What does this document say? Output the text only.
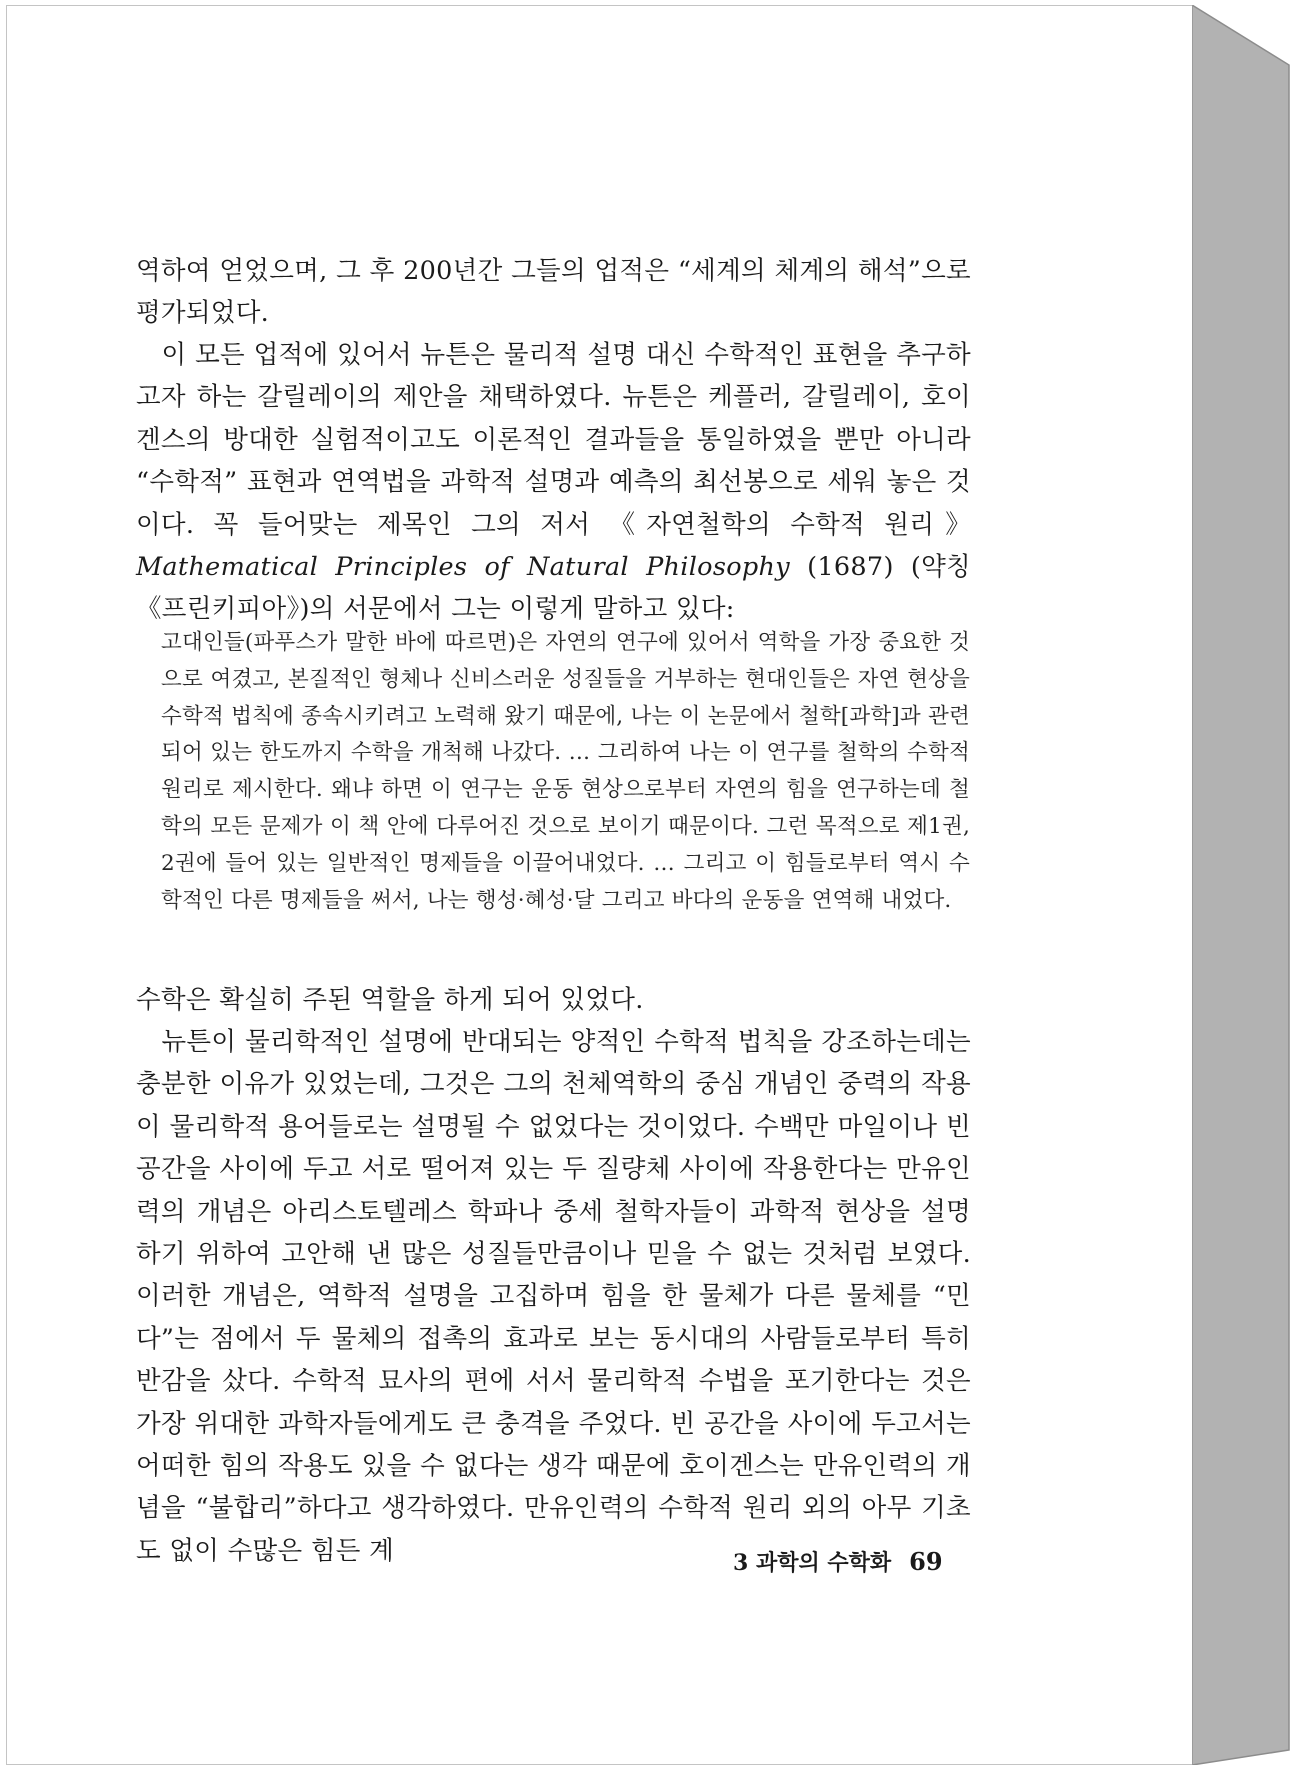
역하여 얻었으며, 그 후 200년간 그들의 업적은 “세계의 체계의 해석”으로 평가되었다.

이 모든 업적에 있어서 뉴튼은 물리적 설명 대신 수학적인 표현을 추구하고자 하는 갈릴레이의 제안을 채택하였다. 뉴튼은 케플러, 갈릴레이, 호이겐스의 방대한 실험적이고도 이론적인 결과들을 통일하였을 뿐만 아니라 “수학적” 표현과 연역법을 과학적 설명과 예측의 최선봉으로 세워 놓은 것이다. 꼭 들어맞는 제목인 그의 저서 《자연철학의 수학적 원리》Mathematical Principles of Natural Philosophy (1687) (약칭 《프린키피아》)의 서문에서 그는 이렇게 말하고 있다:

고대인들(파푸스가 말한 바에 따르면)은 자연의 연구에 있어서 역학을 가장 중요한 것으로 여겼고, 본질적인 형체나 신비스러운 성질들을 거부하는 현대인들은 자연 현상을 수학적 법칙에 종속시키려고 노력해 왔기 때문에, 나는 이 논문에서 철학[과학]과 관련되어 있는 한도까지 수학을 개척해 나갔다. … 그리하여 나는 이 연구를 철학의 수학적 원리로 제시한다. 왜냐 하면 이 연구는 운동 현상으로부터 자연의 힘을 연구하는데 철학의 모든 문제가 이 책 안에 다루어진 것으로 보이기 때문이다. 그런 목적으로 제1권, 2권에 들어 있는 일반적인 명제들을 이끌어내었다. … 그리고 이 힘들로부터 역시 수학적인 다른 명제들을 써서, 나는 행성·혜성·달 그리고 바다의 운동을 연역해 내었다.

수학은 확실히 주된 역할을 하게 되어 있었다.

뉴튼이 물리학적인 설명에 반대되는 양적인 수학적 법칙을 강조하는데는 충분한 이유가 있었는데, 그것은 그의 천체역학의 중심 개념인 중력의 작용이 물리학적 용어들로는 설명될 수 없었다는 것이었다. 수백만 마일이나 빈 공간을 사이에 두고 서로 떨어져 있는 두 질량체 사이에 작용한다는 만유인력의 개념은 아리스토텔레스 학파나 중세 철학자들이 과학적 현상을 설명하기 위하여 고안해 낸 많은 성질들만큼이나 믿을 수 없는 것처럼 보였다. 이러한 개념은, 역학적 설명을 고집하며 힘을 한 물체가 다른 물체를 “민다”는 점에서 두 물체의 접촉의 효과로 보는 동시대의 사람들로부터 특히 반감을 샀다. 수학적 묘사의 편에 서서 물리학적 수법을 포기한다는 것은 가장 위대한 과학자들에게도 큰 충격을 주었다. 빈 공간을 사이에 두고서는 어떠한 힘의 작용도 있을 수 없다는 생각 때문에 호이겐스는 만유인력의 개념을 “불합리”하다고 생각하였다. 만유인력의 수학적 원리 외의 아무 기초도 없이 수많은 힘든 계	3 과학의 수학화 69
